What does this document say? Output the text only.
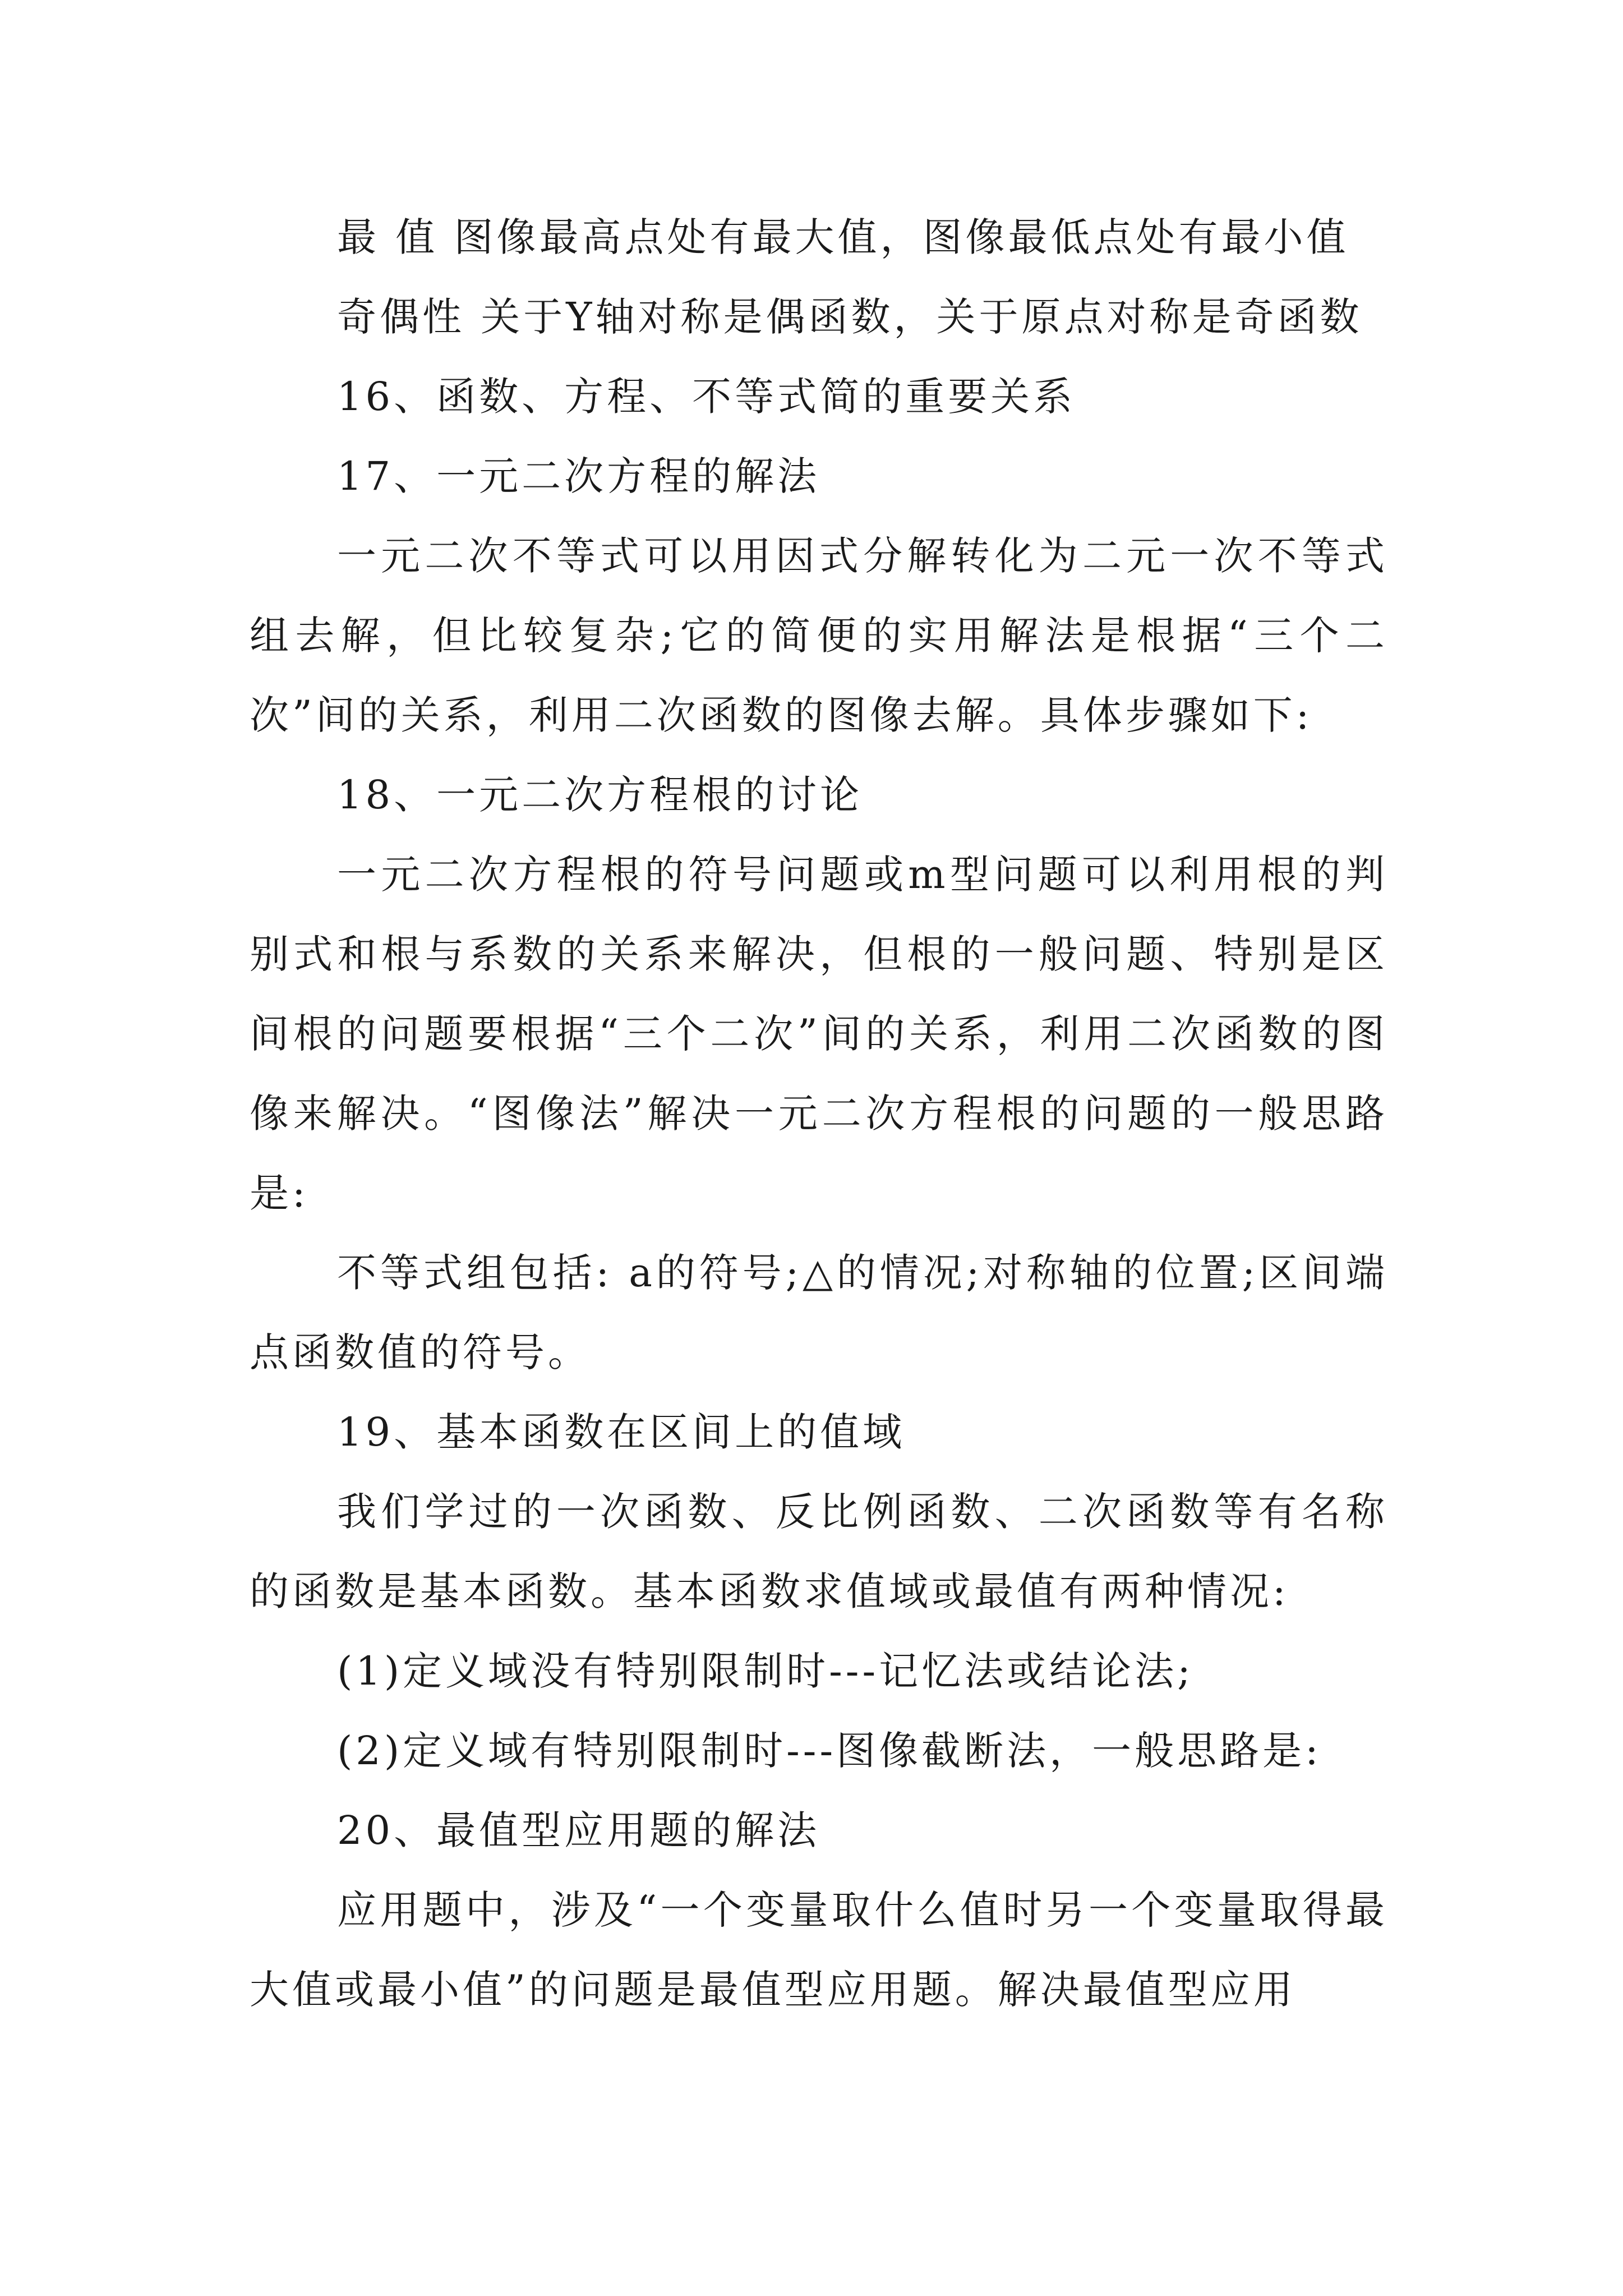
最 值 图像最高点处有最大值，图像最低点处有最小值

奇偶性 关于Y轴对称是偶函数，关于原点对称是奇函数

16、函数、方程、不等式简的重要关系

17、一元二次方程的解法

一元二次不等式可以用因式分解转化为二元一次不等式组去解，但比较复杂;它的简便的实用解法是根据“三个二次”间的关系，利用二次函数的图像去解。具体步骤如下:

18、一元二次方程根的讨论

一元二次方程根的符号问题或m型问题可以利用根的判别式和根与系数的关系来解决，但根的一般问题、特别是区间根的问题要根据“三个二次”间的关系，利用二次函数的图像来解决。“图像法”解决一元二次方程根的问题的一般思路是:

不等式组包括: a的符号;△的情况;对称轴的位置;区间端点函数值的符号。

19、基本函数在区间上的值域

我们学过的一次函数、反比例函数、二次函数等有名称的函数是基本函数。基本函数求值域或最值有两种情况:

(1)定义域没有特别限制时---记忆法或结论法;

(2)定义域有特别限制时---图像截断法，一般思路是:

20、最值型应用题的解法

应用题中，涉及“一个变量取什么值时另一个变量取得最大值或最小值”的问题是最值型应用题。解决最值型应用
